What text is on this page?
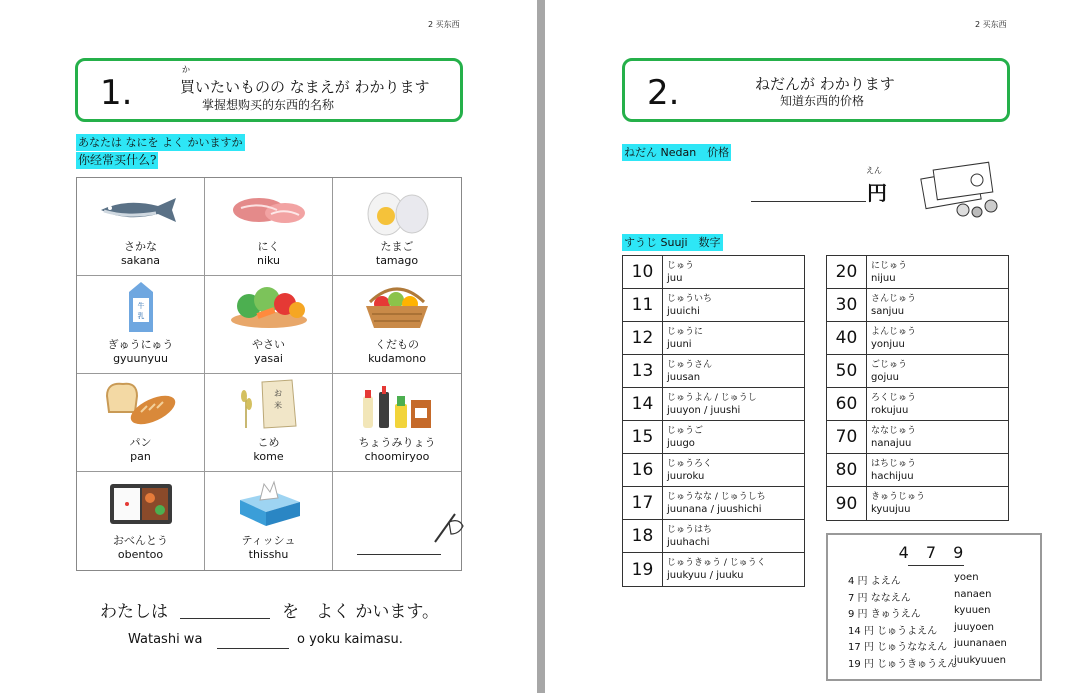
2 买东西
1.
か
買いたいものの なまえが わかります
掌握想购买的东西的名称
あなたは なにを よく かいますか
你经常买什么?
さかな
sakana
にく
niku
たまご
tamago
牛
乳
ぎゅうにゅう
gyuunyuu
やさい
yasai
くだもの
kudamono
パン
pan
お
米
こめ
kome
ちょうみりょう
choomiryoo
おべんとう
obentoo
ティッシュ
thisshu
わたしは	を　よく かいます。
Watashi wa	o yoku kaimasu.
2 买东西
2.	ねだんが わかります
知道东西的价格
ねだん Nedan　价格
えん
円
すうじ Suuji　数字
10	じゅう
juu
11	じゅういち
juuichi
12	じゅうに
juuni
13	じゅうさん
juusan
14	じゅうよん / じゅうし
juuyon / juushi
15	じゅうご
juugo
16	じゅうろく
juuroku
17	じゅうなな / じゅうしち
juunana / juushichi
18	じゅうはち
juuhachi
19	じゅうきゅう / じゅうく
juukyuu / juuku
20	にじゅう
nijuu
30	さんじゅう
sanjuu
40	よんじゅう
yonjuu
50	ごじゅう
gojuu
60	ろくじゅう
rokujuu
70	ななじゅう
nanajuu
80	はちじゅう
hachijuu
90	きゅうじゅう
kyuujuu
4 7 9
4 円 よえん	yoen
7 円 ななえん	nanaen
9 円 きゅうえん	kyuuen
14 円 じゅうよえん juuyoen
17 円 じゅうななえん juunanaen
19 円 じゅうきゅうえん
juukyuuen
